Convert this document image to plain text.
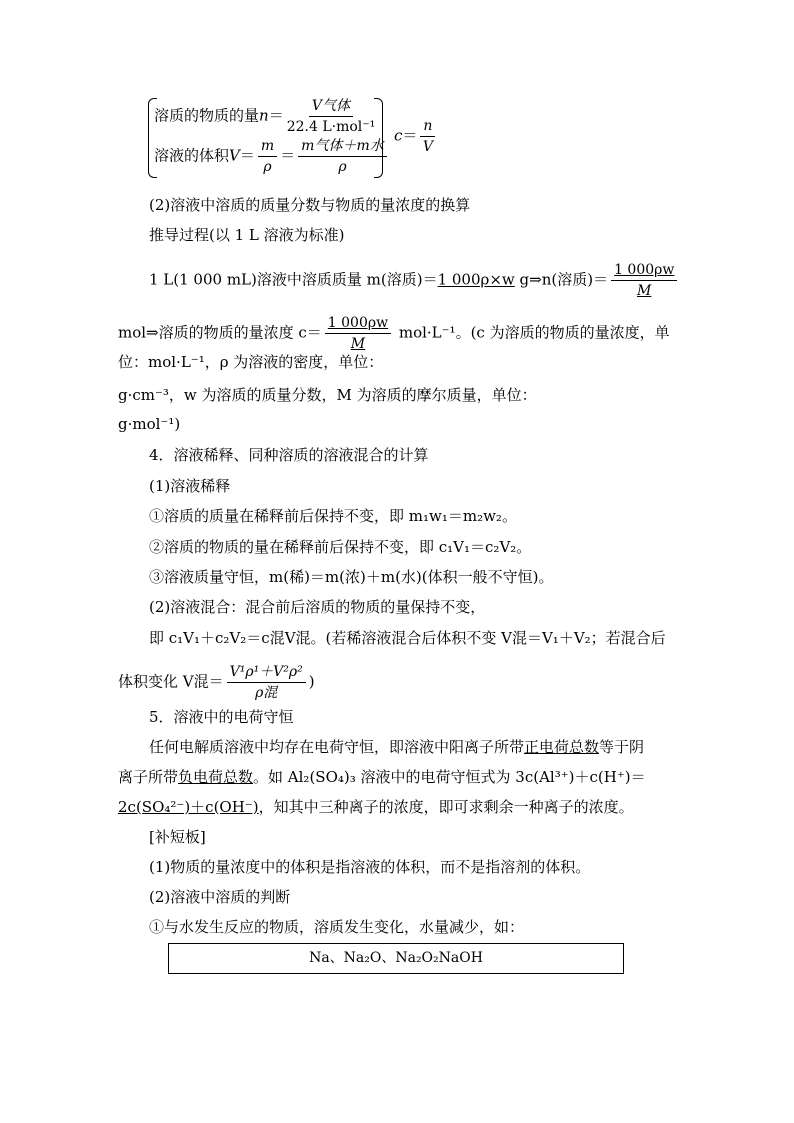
溶质的物质的量$n= \frac{\text{V气体}}{\text{22.4 L·mol⁻¹}}$
溶液的体积$V= \frac{m}{\rho} = \frac{\text{m气体＋m水}}{\rho}$
$c= \frac{n}{V}$
(2)溶液中溶质的质量分数与物质的量浓度的换算
推导过程(以 1 L 溶液为标准)
1 L(1 000 mL)溶液中溶质质量 m(溶质)＝1 000ρ×w g⇒n(溶质)＝ $\frac{1 000\rho w}{M}$
mol⇒溶质的物质的量浓度 $c= \frac{1 000\rho w}{M} mol\cdot L^{-1}$。(c 为溶质的物质的量浓度，单
位：mol·L⁻¹，ρ 为溶液的密度，单位：
g·cm⁻³，w 为溶质的质量分数，M 为溶质的摩尔质量，单位：
g·mol⁻¹)
4．溶液稀释、同种溶质的溶液混合的计算
(1)溶液稀释
①溶质的质量在稀释前后保持不变，即 m₁w₁＝m₂w₂。
②溶质的物质的量在稀释前后保持不变，即 c₁V₁＝c₂V₂。
③溶液质量守恒，m(稀)＝m(浓)＋m(水)(体积一般不守恒)。
(2)溶液混合：混合前后溶质的物质的量保持不变，
即 c₁V₁＋c₂V₂＝c混V混。(若稀溶液混合后体积不变 V混＝V₁＋V₂；若混合后
体积变化 V混＝ $\frac{\text{V¹ρ¹＋V²ρ²}}{\text{ρ混}}$ )
5．溶液中的电荷守恒
任何电解质溶液中均存在电荷守恒，即溶液中阳离子所带正电荷总数等于阴
离子所带负电荷总数。如 Al₂(SO₄)₃ 溶液中的电荷守恒式为 3c(Al³⁺)＋c(H⁺)＝
2c(SO₄²⁻)＋c(OH⁻)，知其中三种离子的浓度，即可求剩余一种离子的浓度。
[补短板]
(1)物质的量浓度中的体积是指溶液的体积，而不是指溶剂的体积。
(2)溶液中溶质的判断
①与水发生反应的物质，溶质发生变化，水量减少，如：
Na、Na₂O、Na₂O₂NaOH
